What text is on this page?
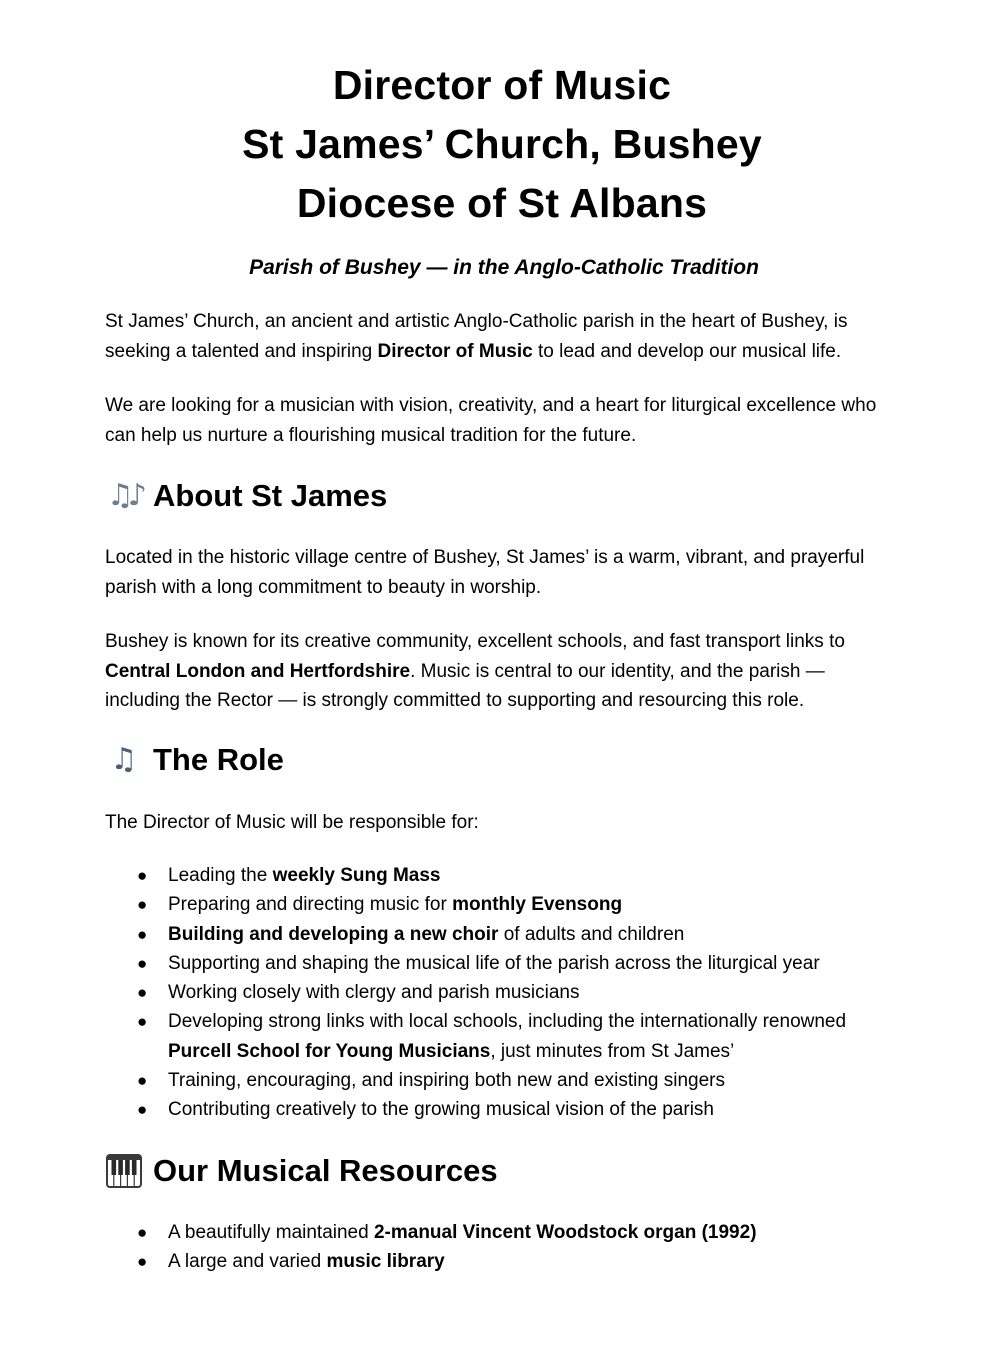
Director of Music
St James’ Church, Bushey
Diocese of St Albans
Parish of Bushey — in the Anglo-Catholic Tradition

St James’ Church, an ancient and artistic Anglo-Catholic parish in the heart of Bushey, is seeking a talented and inspiring Director of Music to lead and develop our musical life.

We are looking for a musician with vision, creativity, and a heart for liturgical excellence who can help us nurture a flourishing musical tradition for the future.

♫♪ About St James

Located in the historic village centre of Bushey, St James’ is a warm, vibrant, and prayerful parish with a long commitment to beauty in worship.

Bushey is known for its creative community, excellent schools, and fast transport links to Central London and Hertfordshire. Music is central to our identity, and the parish — including the Rector — is strongly committed to supporting and resourcing this role.

♫ The Role

The Director of Music will be responsible for:

● Leading the weekly Sung Mass
● Preparing and directing music for monthly Evensong
● Building and developing a new choir of adults and children
● Supporting and shaping the musical life of the parish across the liturgical year
● Working closely with clergy and parish musicians
● Developing strong links with local schools, including the internationally renowned Purcell School for Young Musicians, just minutes from St James’
● Training, encouraging, and inspiring both new and existing singers
● Contributing creatively to the growing musical vision of the parish
Our Musical Resources
● A beautifully maintained 2-manual Vincent Woodstock organ (1992)
● A large and varied music library
